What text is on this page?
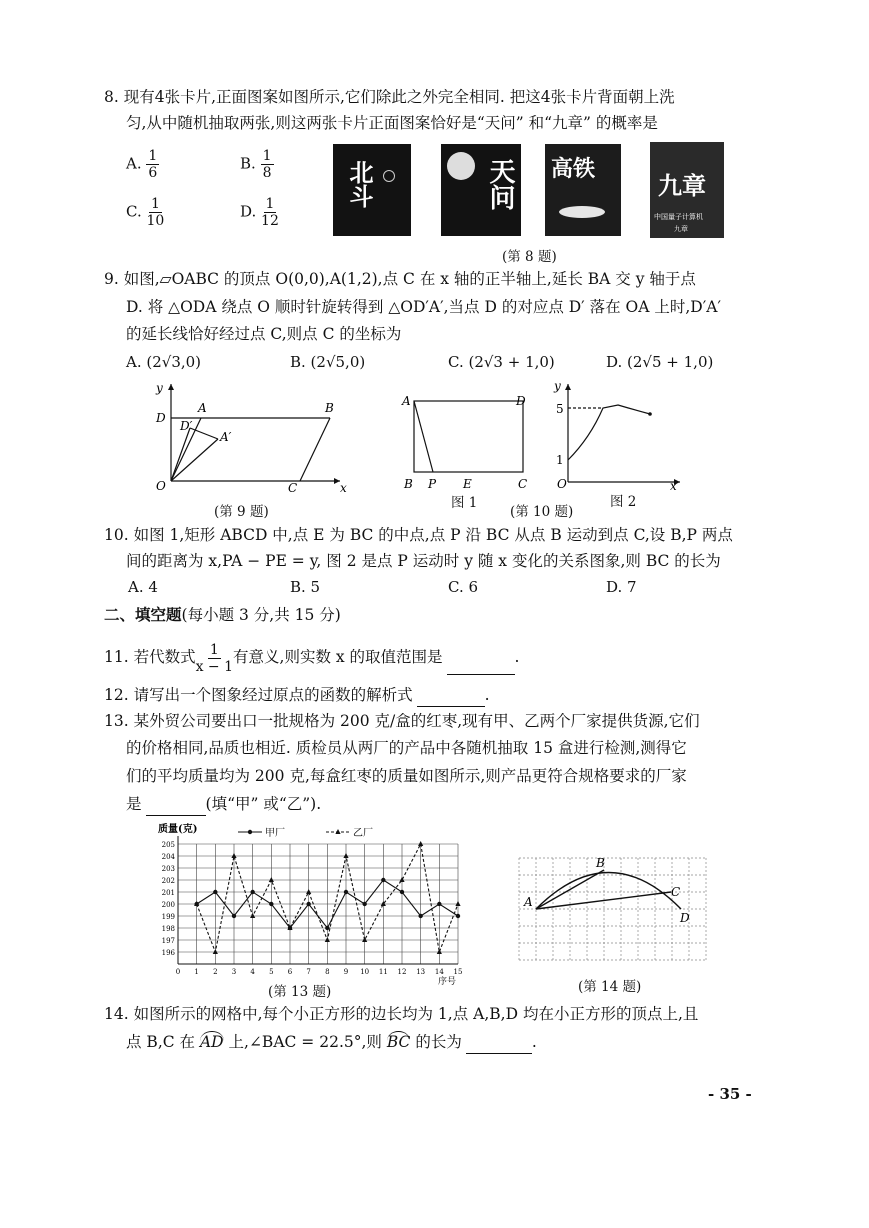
8. 现有4张卡片,正面图案如图所示,它们除此之外完全相同. 把这4张卡片背面朝上洗
匀,从中随机抽取两张,则这两张卡片正面图案恰好是“天问” 和“九章” 的概率是
A. $\frac{1}{6}$	B. $\frac{1}{8}$
C. $\frac{1}{10}$	D. $\frac{1}{12}$
北斗	天问 高铁
九章
中国量子计算机
九章
(第 8 题)
9. 如图,▱OABC 的顶点 O(0,0),A(1,2),点 C 在 x 轴的正半轴上,延长 BA 交 y 轴于点
D. 将 △ODA 绕点 O 顺时针旋转得到 △OD′A′,当点 D 的对应点 D′ 落在 OA 上时,D′A′
的延长线恰好经过点 C,则点 C 的坐标为
A. (2√3,0)	B. (2√5,0)	C. (2√3 + 1,0)	D. (2√5 + 1,0)
y
D
A	B
D′
A′
O	C	x
(第 9 题)
A	D
B P E	C
图 1
y
5
1
O	x
图 2
(第 10 题)
10. 如图 1,矩形 ABCD 中,点 E 为 BC 的中点,点 P 沿 BC 从点 B 运动到点 C,设 B,P 两点
间的距离为 x,PA − PE = y, 图 2 是点 P 运动时 y 随 x 变化的关系图象,则 BC 的长为
A. 4	B. 5	C. 6	D. 7
二、填空题(每小题 3 分,共 15 分)
11. 若代数式 $\frac{1}{x - 1}$ 有意义,则实数 x 的取值范围是	.
12. 请写出一个图象经过原点的函数的解析式	.
13. 某外贸公司要出口一批规格为 200 克/盒的红枣,现有甲、乙两个厂家提供货源,它们
的价格相同,品质也相近. 质检员从两厂的产品中各随机抽取 15 盒进行检测,测得它
们的平均质量均为 200 克,每盒红枣的质量如图所示,则产品更符合规格要求的厂家
是	(填“甲” 或“乙”).
196
197
198
199
200
201
202
203
204
205
0 1 2 3 4 5 6 7 8 9 10 11 12 13 14 15
质量(克)
序号
甲厂	乙厂
(第 13 题)
A
B
C
D
(第 14 题)
14. 如图所示的网格中,每个小正方形的边长均为 1,点 A,B,D 均在小正方形的顶点上,且
点 B,C 在 AD 上,∠BAC = 22.5°,则 BC 的长为	.
- 35 -
